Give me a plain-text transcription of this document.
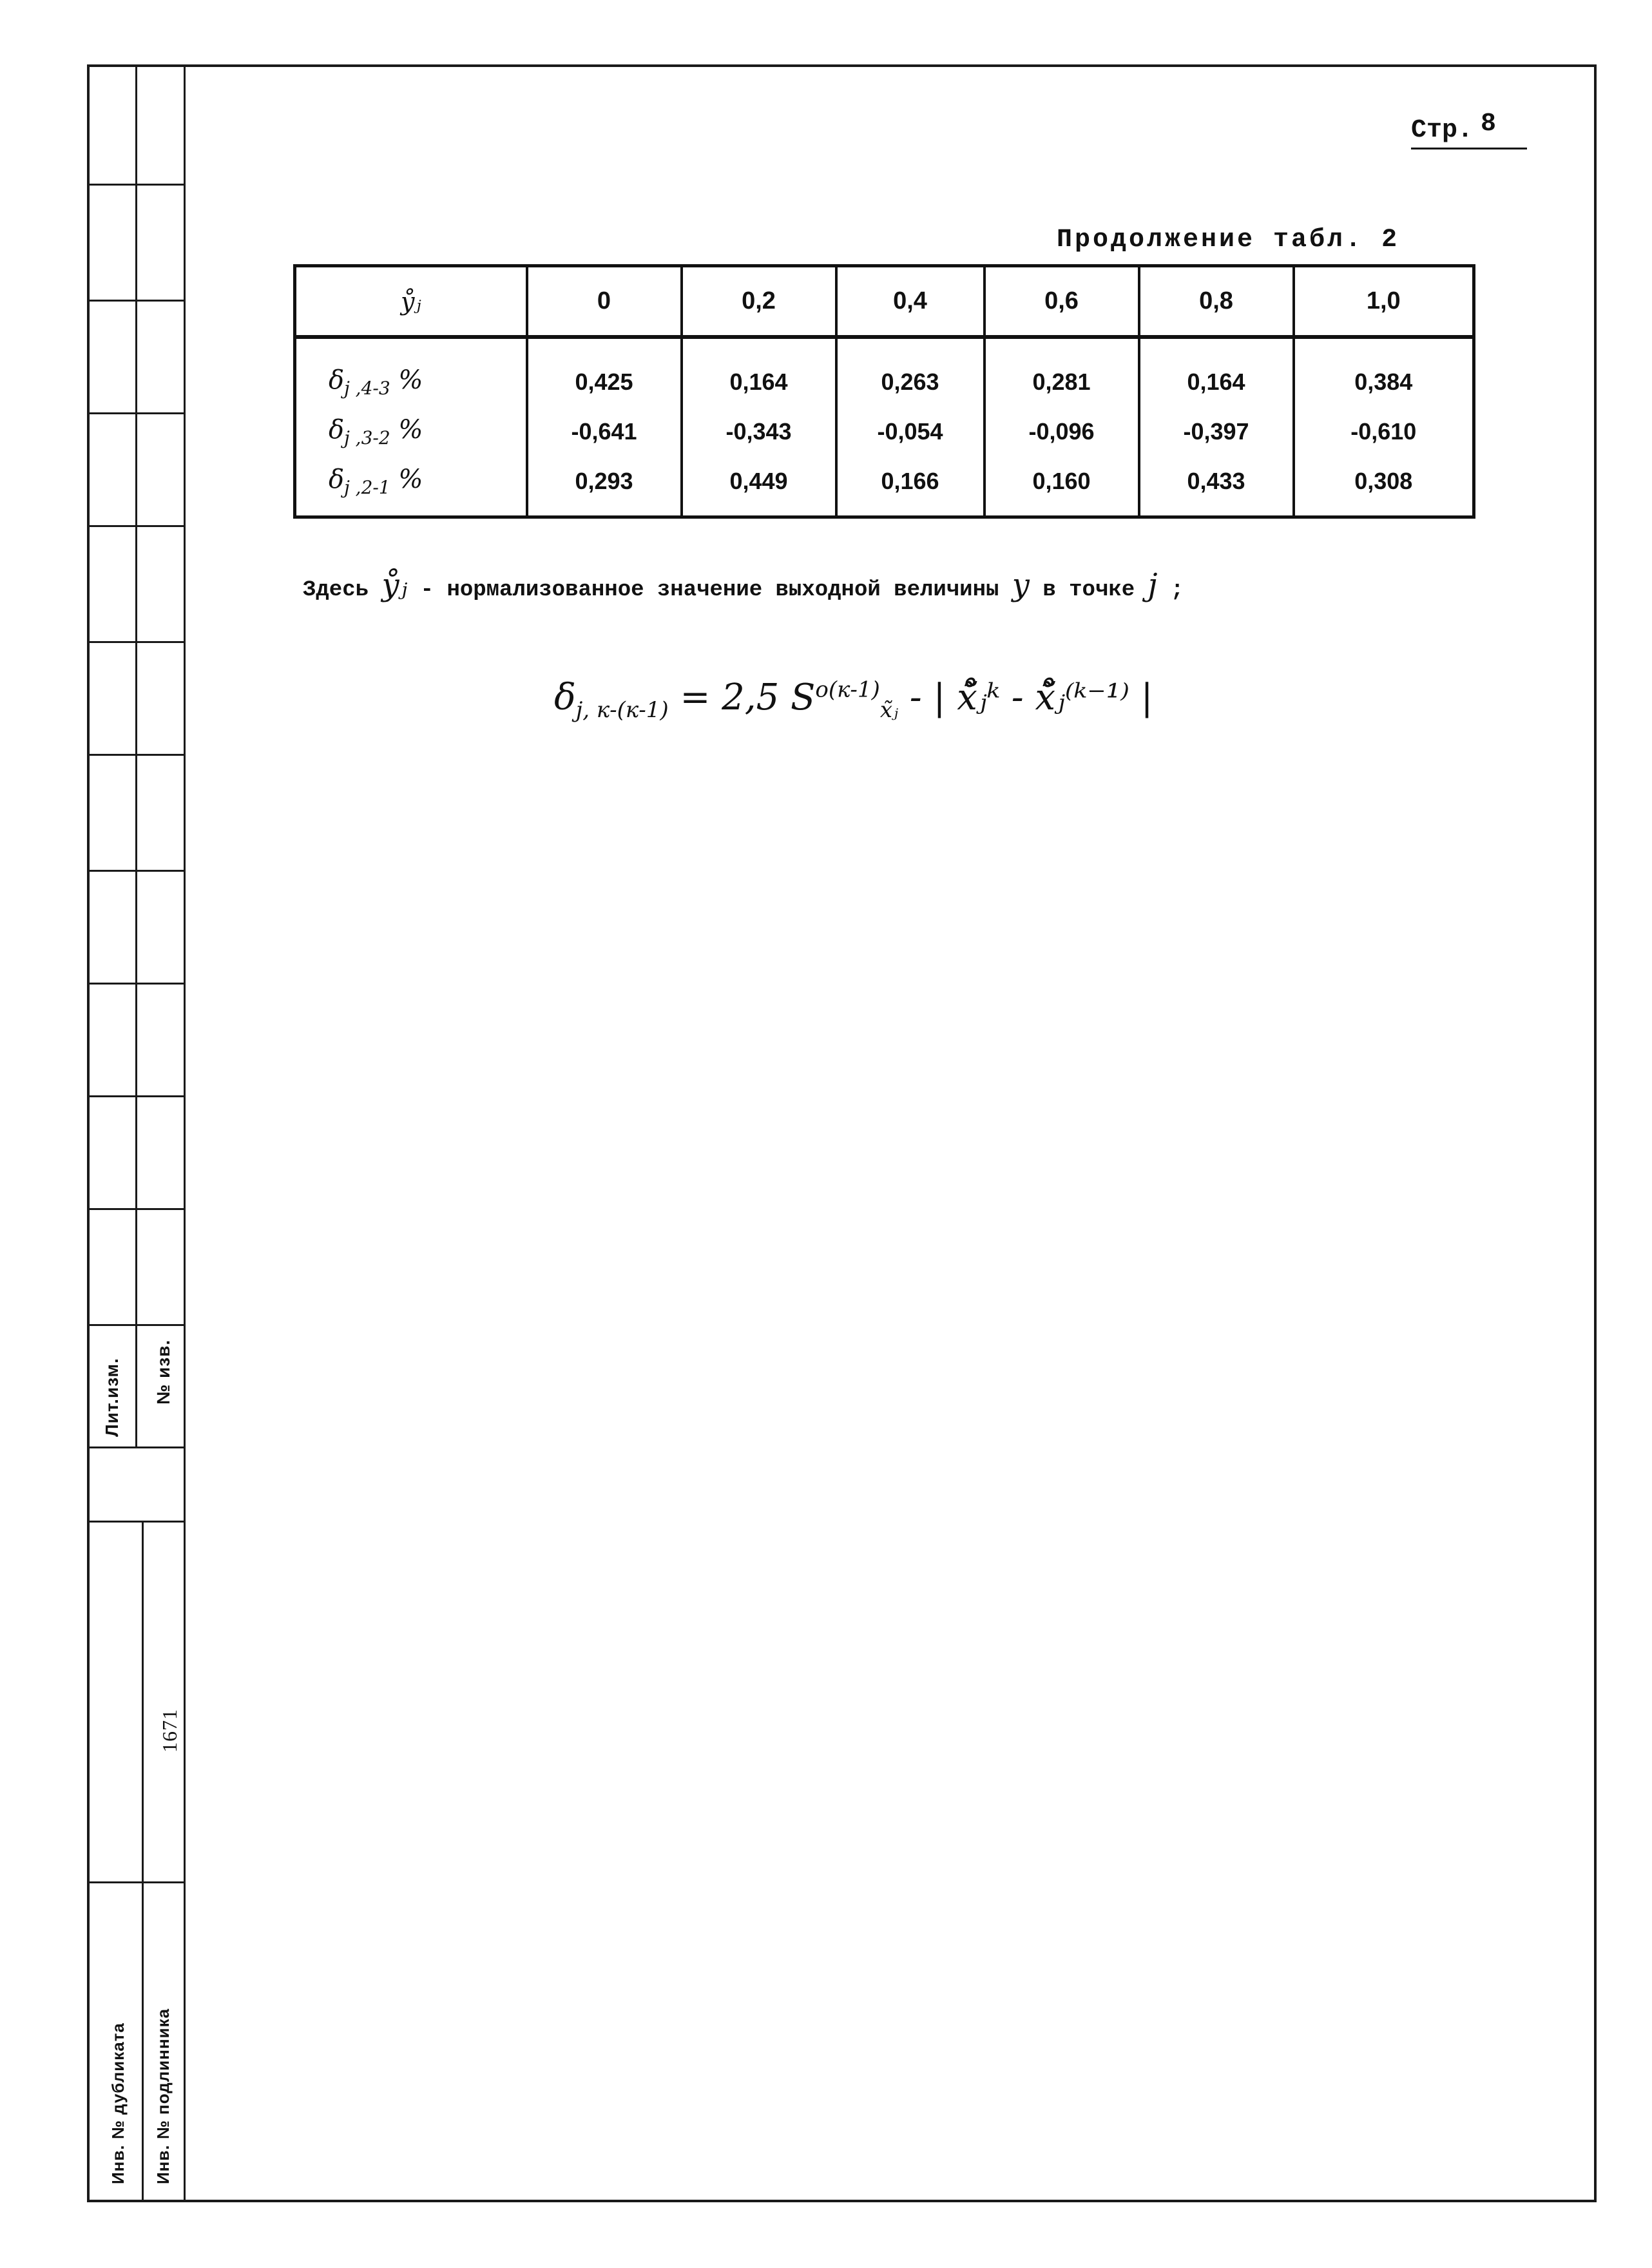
Лит.изм. № изв.
1671
Инв. № дубликата Инв. № подлинника
Стр. 8
Продолжение табл. 2
ẙⱼ	0	0,2	0,4	0,6	0,8	1,0
$\delta_{j ,4-3}$ %	0,425	0,164	0,263	0,281	0,164	0,384
$\delta_{j ,3-2}$ %	-0,641	-0,343	-0,054	-0,096	-0,397	-0,610
$\delta_{j ,2-1}$ %	0,293	0,449	0,166	0,160	0,433	0,308
Здесь ẙⱼ - нормализованное значение выходной величины y в точке j ;
$\delta_{j, к-(к-1)} = 2,5$ $S^{o(к-1)}_{x̃ⱼ}$ - | x̃̊ⱼᵏ - x̃̊ⱼ⁽ᵏ⁻¹⁾ |
